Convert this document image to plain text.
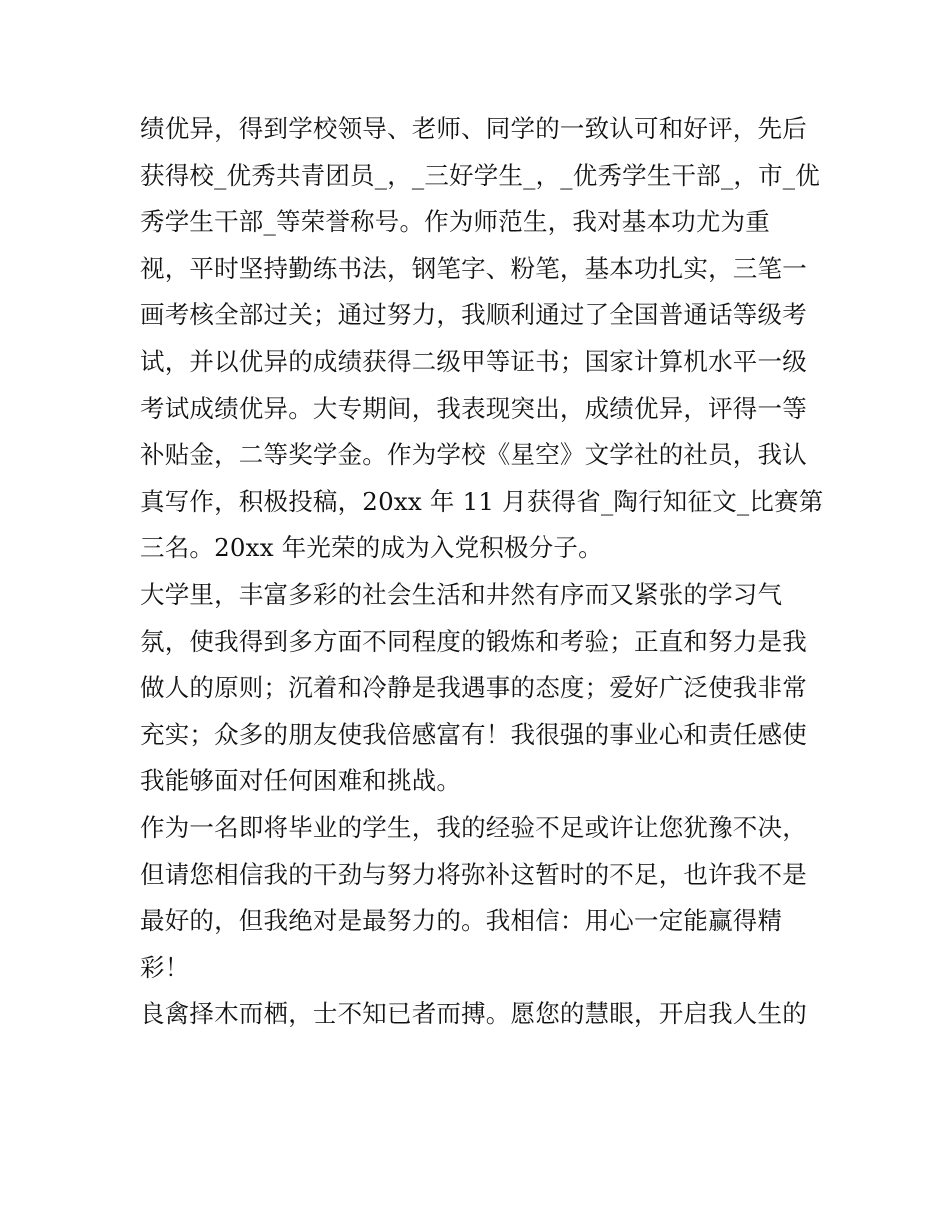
绩优异，得到学校领导、老师、同学的一致认可和好评，先后
获得校_优秀共青团员_，_三好学生_，_优秀学生干部_，市_优
秀学生干部_等荣誉称号。作为师范生，我对基本功尤为重
视，平时坚持勤练书法，钢笔字、粉笔，基本功扎实，三笔一
画考核全部过关；通过努力，我顺利通过了全国普通话等级考
试，并以优异的成绩获得二级甲等证书；国家计算机水平一级
考试成绩优异。大专期间，我表现突出，成绩优异，评得一等
补贴金，二等奖学金。作为学校《星空》文学社的社员，我认
真写作，积极投稿，20xx 年 11 月获得省_陶行知征文_比赛第
三名。20xx 年光荣的成为入党积极分子。
大学里，丰富多彩的社会生活和井然有序而又紧张的学习气
氛，使我得到多方面不同程度的锻炼和考验；正直和努力是我
做人的原则；沉着和冷静是我遇事的态度；爱好广泛使我非常
充实；众多的朋友使我倍感富有！我很强的事业心和责任感使
我能够面对任何困难和挑战。
作为一名即将毕业的学生，我的经验不足或许让您犹豫不决，
但请您相信我的干劲与努力将弥补这暂时的不足，也许我不是
最好的，但我绝对是最努力的。我相信：用心一定能赢得精
彩！
良禽择木而栖，士不知已者而搏。愿您的慧眼，开启我人生的
